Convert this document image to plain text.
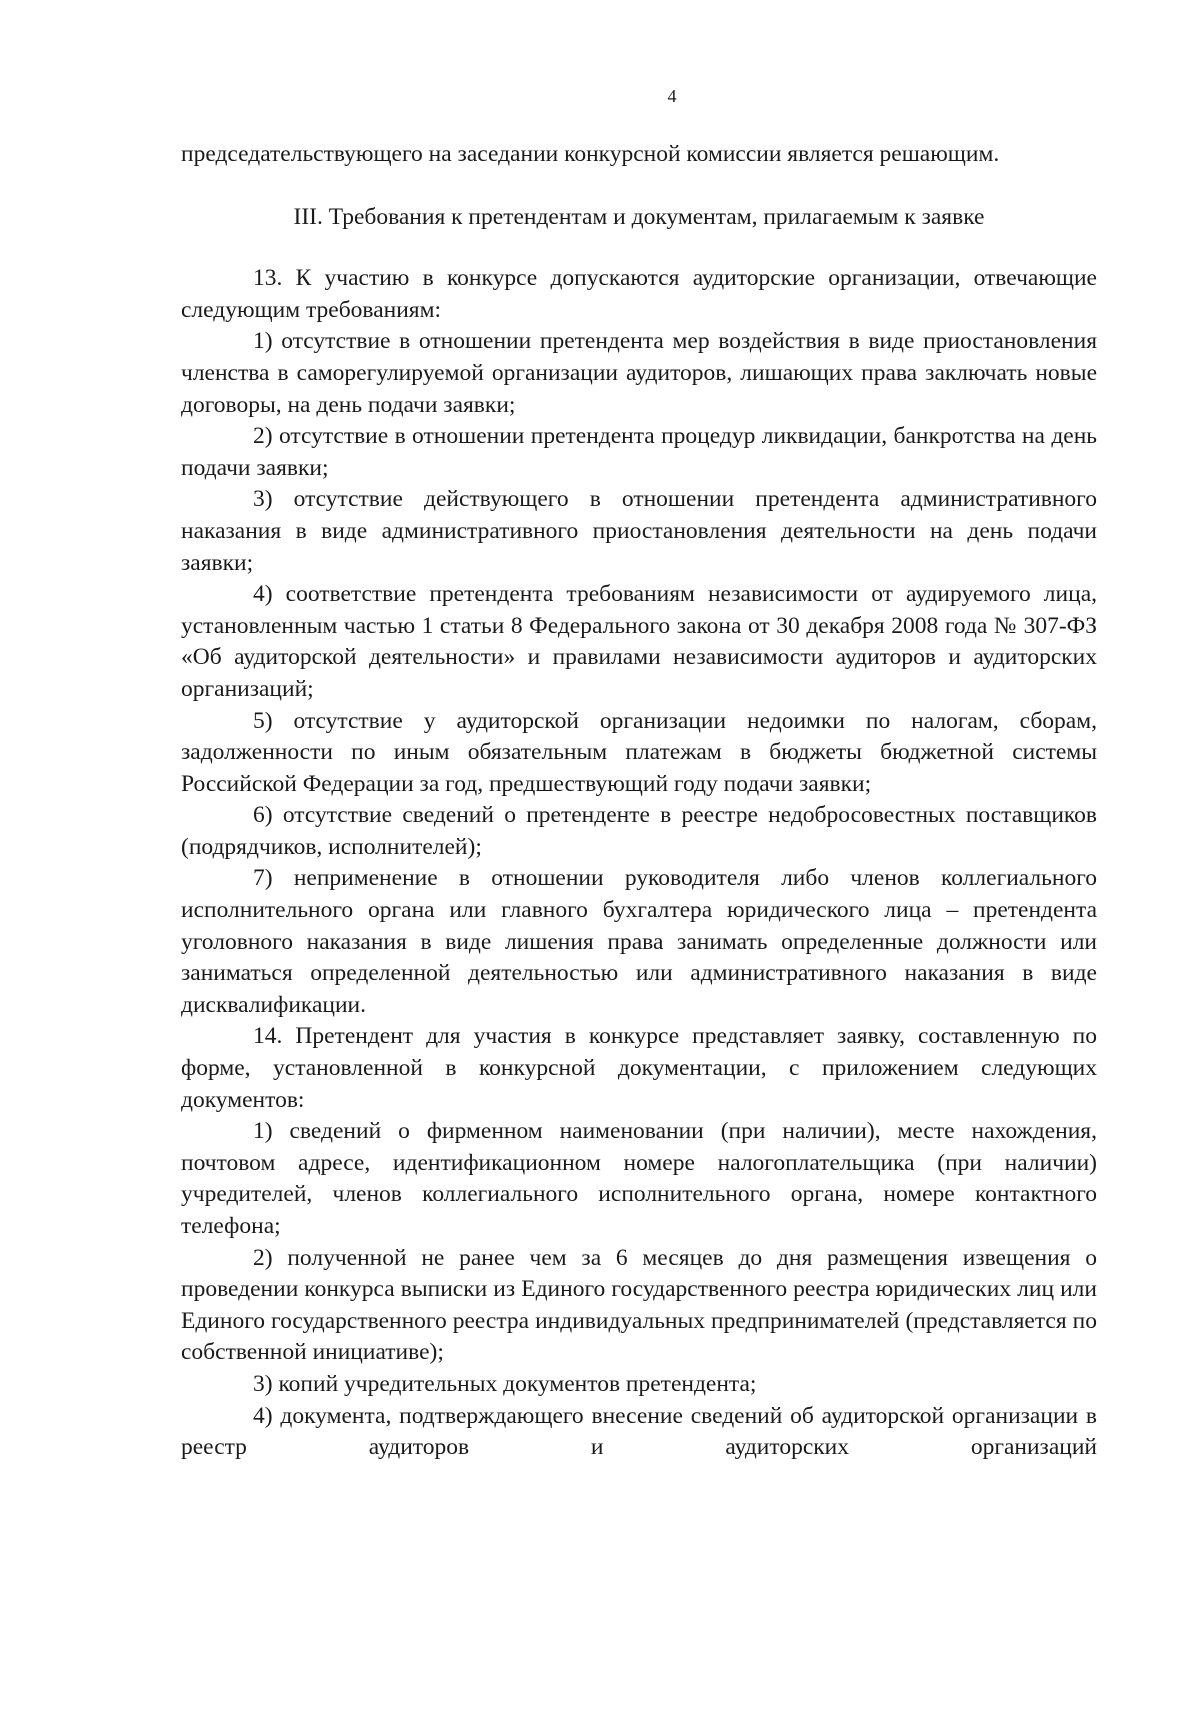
4

председательствующего на заседании конкурсной комиссии является решающим.

III. Требования к претендентам и документам, прилагаемым к заявке

13. К участию в конкурсе допускаются аудиторские организации, отвечающие следующим требованиям:

1) отсутствие в отношении претендента мер воздействия в виде приостановления членства в саморегулируемой организации аудиторов, лишающих права заключать новые договоры, на день подачи заявки;

2) отсутствие в отношении претендента процедур ликвидации, банкротства на день подачи заявки;

3) отсутствие действующего в отношении претендента административного наказания в виде административного приостановления деятельности на день подачи заявки;

4) соответствие претендента требованиям независимости от аудируемого лица, установленным частью 1 статьи 8 Федерального закона от 30 декабря 2008 года № 307-ФЗ «Об аудиторской деятельности» и правилами независимости аудиторов и аудиторских организаций;

5) отсутствие у аудиторской организации недоимки по налогам, сборам, задолженности по иным обязательным платежам в бюджеты бюджетной системы Российской Федерации за год, предшествующий году подачи заявки;

6) отсутствие сведений о претенденте в реестре недобросовестных поставщиков (подрядчиков, исполнителей);

7) неприменение в отношении руководителя либо членов коллегиального исполнительного органа или главного бухгалтера юридического лица – претендента уголовного наказания в виде лишения права занимать определенные должности или заниматься определенной деятельностью или административного наказания в виде дисквалификации.

14. Претендент для участия в конкурсе представляет заявку, составленную по форме, установленной в конкурсной документации, с приложением следующих документов:

1) сведений о фирменном наименовании (при наличии), месте нахождения, почтовом адресе, идентификационном номере налогоплательщика (при наличии) учредителей, членов коллегиального исполнительного органа, номере контактного телефона;

2) полученной не ранее чем за 6 месяцев до дня размещения извещения о проведении конкурса выписки из Единого государственного реестра юридических лиц или Единого государственного реестра индивидуальных предпринимателей (представляется по собственной инициативе);

3) копий учредительных документов претендента;

4) документа, подтверждающего внесение сведений об аудиторской организации в реестр аудиторов и аудиторских организаций
